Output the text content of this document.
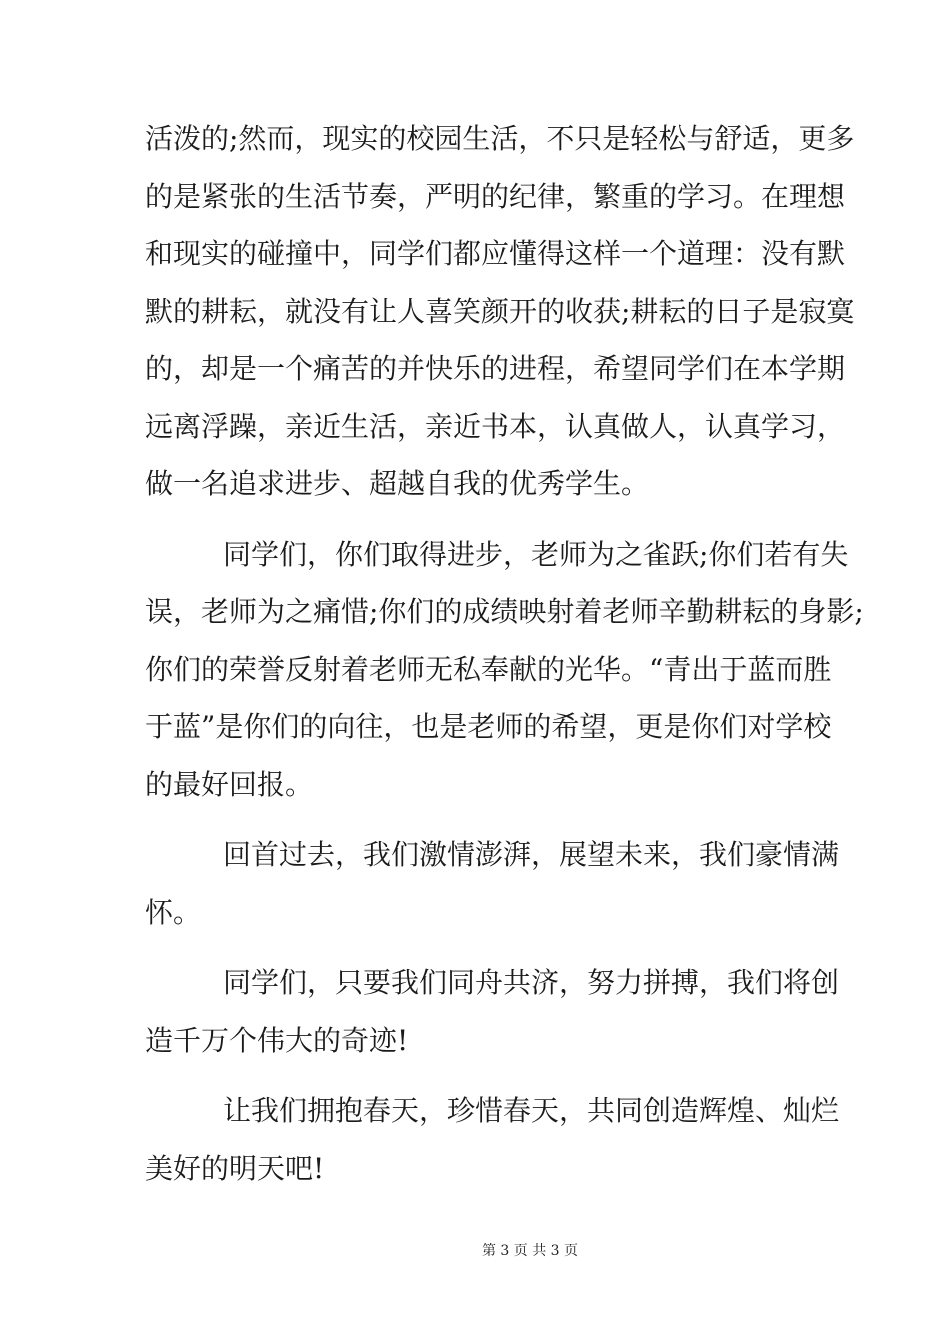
活泼的;然而，现实的校园生活，不只是轻松与舒适，更多
的是紧张的生活节奏，严明的纪律，繁重的学习。在理想
和现实的碰撞中，同学们都应懂得这样一个道理：没有默
默的耕耘，就没有让人喜笑颜开的收获;耕耘的日子是寂寞
的，却是一个痛苦的并快乐的进程，希望同学们在本学期
远离浮躁，亲近生活，亲近书本，认真做人，认真学习，
做一名追求进步、超越自我的优秀学生。

同学们，你们取得进步，老师为之雀跃;你们若有失
误，老师为之痛惜;你们的成绩映射着老师辛勤耕耘的身影;
你们的荣誉反射着老师无私奉献的光华。“青出于蓝而胜
于蓝”是你们的向往，也是老师的希望，更是你们对学校
的最好回报。

回首过去，我们激情澎湃，展望未来，我们豪情满
怀。

同学们，只要我们同舟共济，努力拼搏，我们将创
造千万个伟大的奇迹!

让我们拥抱春天，珍惜春天，共同创造辉煌、灿烂
美好的明天吧!

第 3 页 共 3 页
